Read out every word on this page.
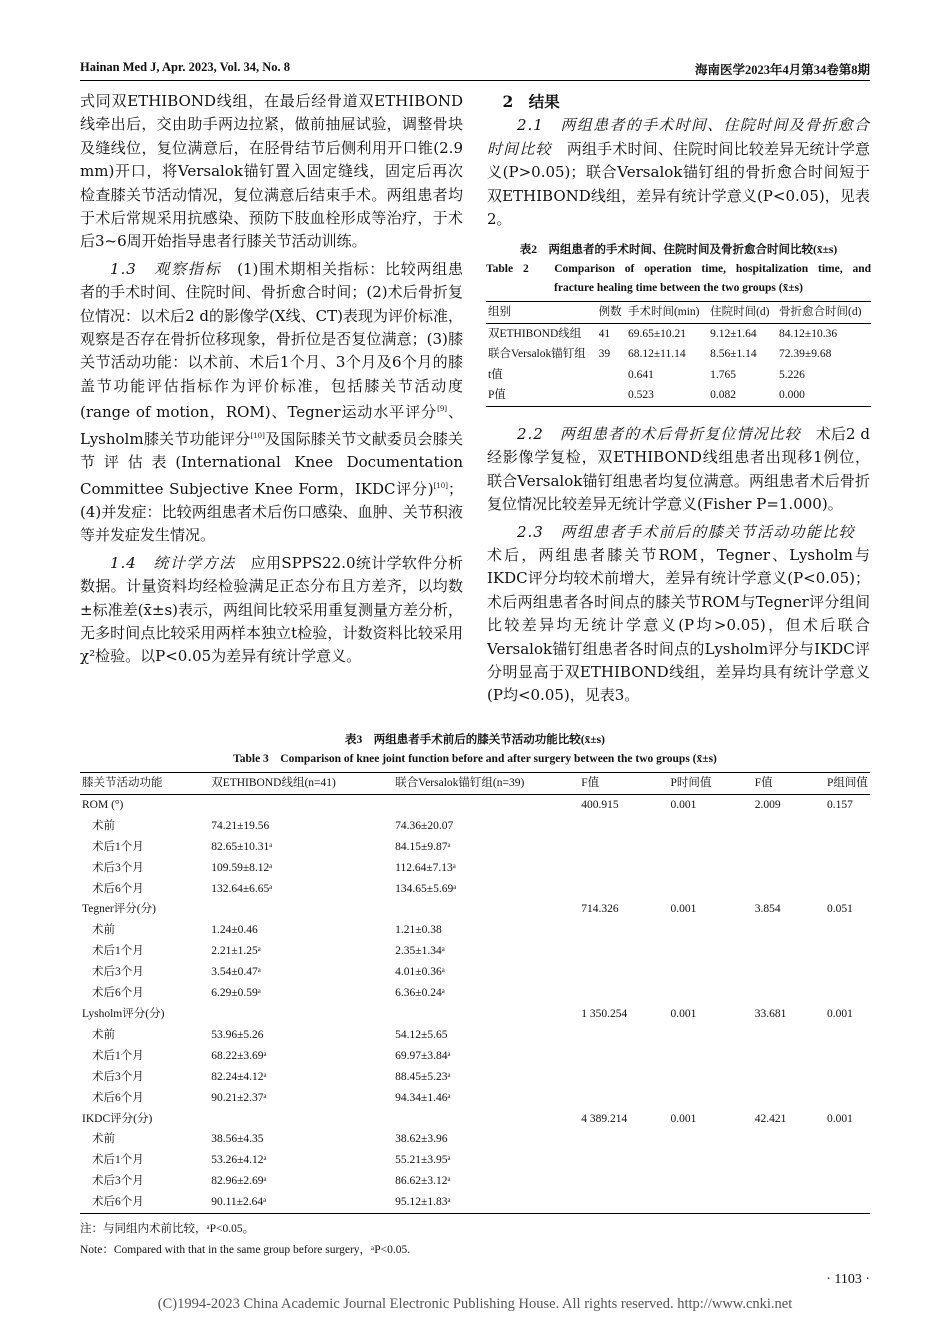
Hainan Med J, Apr. 2023, Vol. 34, No. 8	海南医学2023年4月第34卷第8期

式同双ETHIBOND线组，在最后经骨道双ETHIBOND线牵出后，交由助手两边拉紧，做前抽屉试验，调整骨块及缝线位，复位满意后，在胫骨结节后侧利用开口锥(2.9 mm)开口，将Versalok锚钉置入固定缝线，固定后再次检查膝关节活动情况，复位满意后结束手术。两组患者均于术后常规采用抗感染、预防下肢血栓形成等治疗，于术后3~6周开始指导患者行膝关节活动训练。

1.3　观察指标　(1)围术期相关指标：比较两组患者的手术时间、住院时间、骨折愈合时间；(2)术后骨折复位情况：以术后2 d的影像学(X线、CT)表现为评价标准，观察是否存在骨折位移现象，骨折位是否复位满意；(3)膝关节活动功能：以术前、术后1个月、3个月及6个月的膝盖节功能评估指标作为评价标准，包括膝关节活动度(range of motion，ROM)、Tegner运动水平评分[9]、Lysholm膝关节功能评分[10]及国际膝关节文献委员会膝关节评估表(International Knee Documentation Committee Subjective Knee Form，IKDC评分)[10]；(4)并发症：比较两组患者术后伤口感染、血肿、关节积液等并发症发生情况。

1.4　统计学方法　应用SPPS22.0统计学软件分析数据。计量资料均经检验满足正态分布且方差齐，以均数±标准差(x̄±s)表示，两组间比较采用重复测量方差分析，无多时间点比较采用两样本独立t检验，计数资料比较采用χ²检验。以P<0.05为差异有统计学意义。

2　结果

2.1　两组患者的手术时间、住院时间及骨折愈合时间比较　两组手术时间、住院时间比较差异无统计学意义(P>0.05)；联合Versalok锚钉组的骨折愈合时间短于双ETHIBOND线组，差异有统计学意义(P<0.05)，见表2。

表2　两组患者的手术时间、住院时间及骨折愈合时间比较(x̄±s)
Table 2　Comparison of operation time, hospitalization time, and
fracture healing time between the two groups (x̄±s)
组别	例数	手术时间(min)	住院时间(d)	骨折愈合时间(d)
双ETHIBOND线组	41	69.65±10.21	9.12±1.64	84.12±10.36
联合Versalok锚钉组	39	68.12±11.14	8.56±1.14	72.39±9.68
t值		0.641	1.765	5.226
P值		0.523	0.082	0.000

2.2　两组患者的术后骨折复位情况比较　术后2 d经影像学复检，双ETHIBOND线组患者出现移1例位，联合Versalok锚钉组患者均复位满意。两组患者术后骨折复位情况比较差异无统计学意义(Fisher P=1.000)。

2.3　两组患者手术前后的膝关节活动功能比较　术后，两组患者膝关节ROM，Tegner、Lysholm与IKDC评分均较术前增大，差异有统计学意义(P<0.05)；术后两组患者各时间点的膝关节ROM与Tegner评分组间比较差异均无统计学意义(P均>0.05)，但术后联合Versalok锚钉组患者各时间点的Lysholm评分与IKDC评分明显高于双ETHIBOND线组，差异均具有统计学意义(P均<0.05)，见表3。

表3　两组患者手术前后的膝关节活动功能比较(x̄±s)
Table 3　Comparison of knee joint function before and after surgery between the two groups (x̄±s)
膝关节活动功能	双ETHIBOND线组(n=41)	联合Versalok锚钉组(n=39)	F值	P时间值	F值	P组间值
ROM (°)			400.915	0.001	2.009	0.157
术前	74.21±19.56	74.36±20.07				
术后1个月	82.65±10.31ᵃ	84.15±9.87ᵃ				
术后3个月	109.59±8.12ᵃ	112.64±7.13ᵃ				
术后6个月	132.64±6.65ᵃ	134.65±5.69ᵃ				
Tegner评分(分)			714.326	0.001	3.854	0.051
术前	1.24±0.46	1.21±0.38				
术后1个月	2.21±1.25ᵃ	2.35±1.34ᵃ				
术后3个月	3.54±0.47ᵃ	4.01±0.36ᵃ				
术后6个月	6.29±0.59ᵃ	6.36±0.24ᵃ				
Lysholm评分(分)			1 350.254	0.001	33.681	0.001
术前	53.96±5.26	54.12±5.65				
术后1个月	68.22±3.69ᵃ	69.97±3.84ᵃ				
术后3个月	82.24±4.12ᵃ	88.45±5.23ᵃ				
术后6个月	90.21±2.37ᵃ	94.34±1.46ᵃ				
IKDC评分(分)			4 389.214	0.001	42.421	0.001
术前	38.56±4.35	38.62±3.96				
术后1个月	53.26±4.12ᵃ	55.21±3.95ᵃ				
术后3个月	82.96±2.69ᵃ	86.62±3.12ᵃ				
术后6个月	90.11±2.64ᵃ	95.12±1.83ᵃ				
注：与同组内术前比较，ᵃP<0.05。
Note：Compared with that in the same group before surgery，ᵃP<0.05.
· 1103 ·
(C)1994-2023 China Academic Journal Electronic Publishing House. All rights reserved. http://www.cnki.net
